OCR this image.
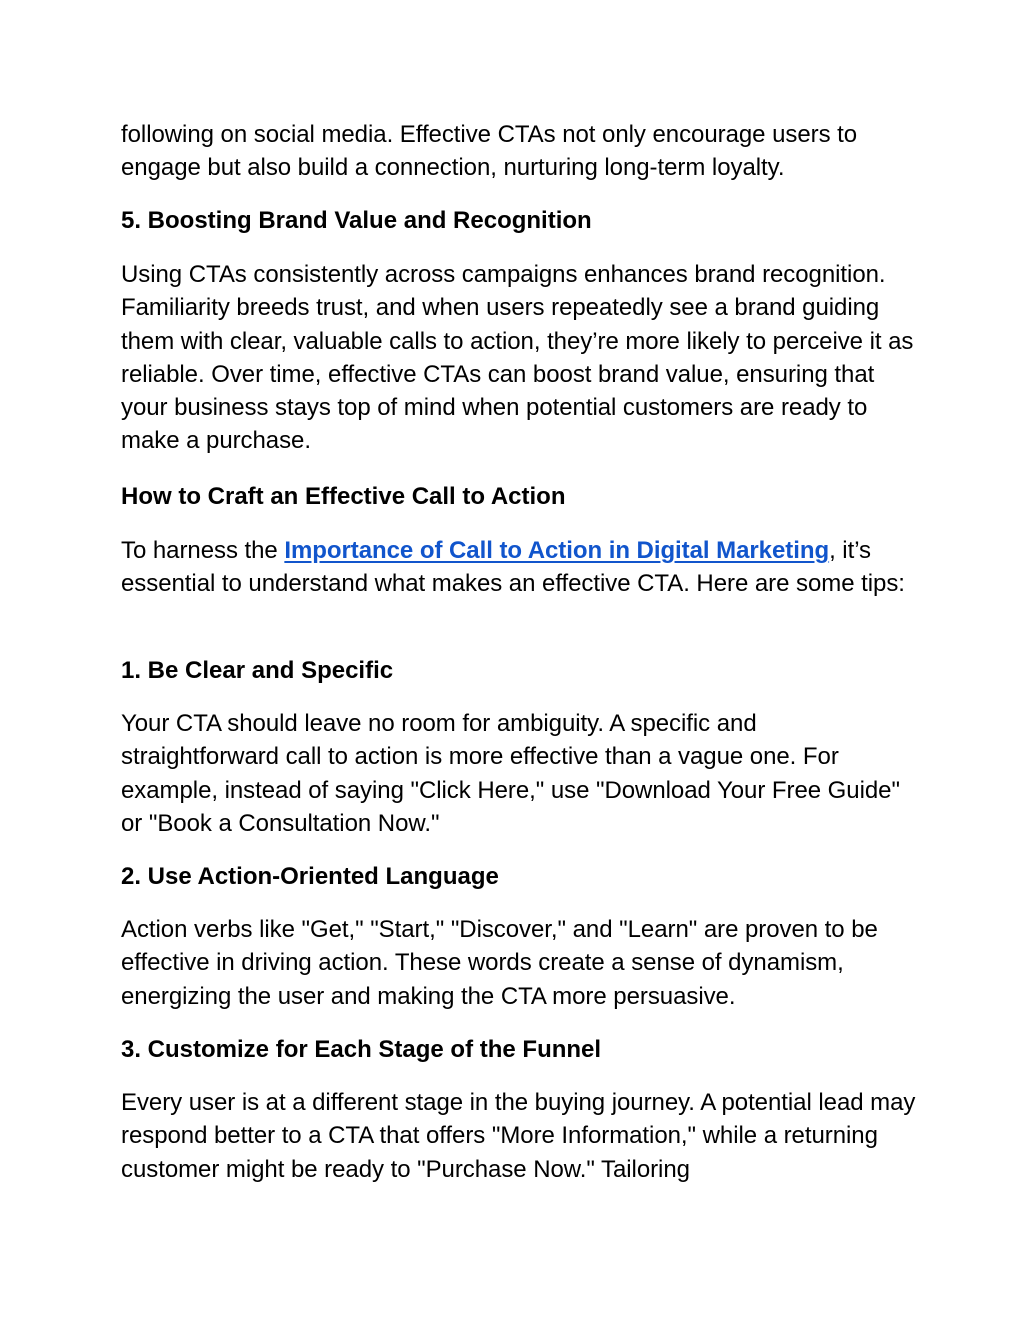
following on social media. Effective CTAs not only encourage users to engage but also build a connection, nurturing long-term loyalty.

5. Boosting Brand Value and Recognition

Using CTAs consistently across campaigns enhances brand recognition. Familiarity breeds trust, and when users repeatedly see a brand guiding them with clear, valuable calls to action, they’re more likely to perceive it as reliable. Over time, effective CTAs can boost brand value, ensuring that your business stays top of mind when potential customers are ready to make a purchase.

How to Craft an Effective Call to Action

To harness the Importance of Call to Action in Digital Marketing, it’s essential to understand what makes an effective CTA. Here are some tips:

1. Be Clear and Specific

Your CTA should leave no room for ambiguity. A specific and straightforward call to action is more effective than a vague one. For example, instead of saying "Click Here," use "Download Your Free Guide" or "Book a Consultation Now."

2. Use Action-Oriented Language

Action verbs like "Get," "Start," "Discover," and "Learn" are proven to be effective in driving action. These words create a sense of dynamism, energizing the user and making the CTA more persuasive.

3. Customize for Each Stage of the Funnel

Every user is at a different stage in the buying journey. A potential lead may respond better to a CTA that offers "More Information," while a returning customer might be ready to "Purchase Now." Tailoring
